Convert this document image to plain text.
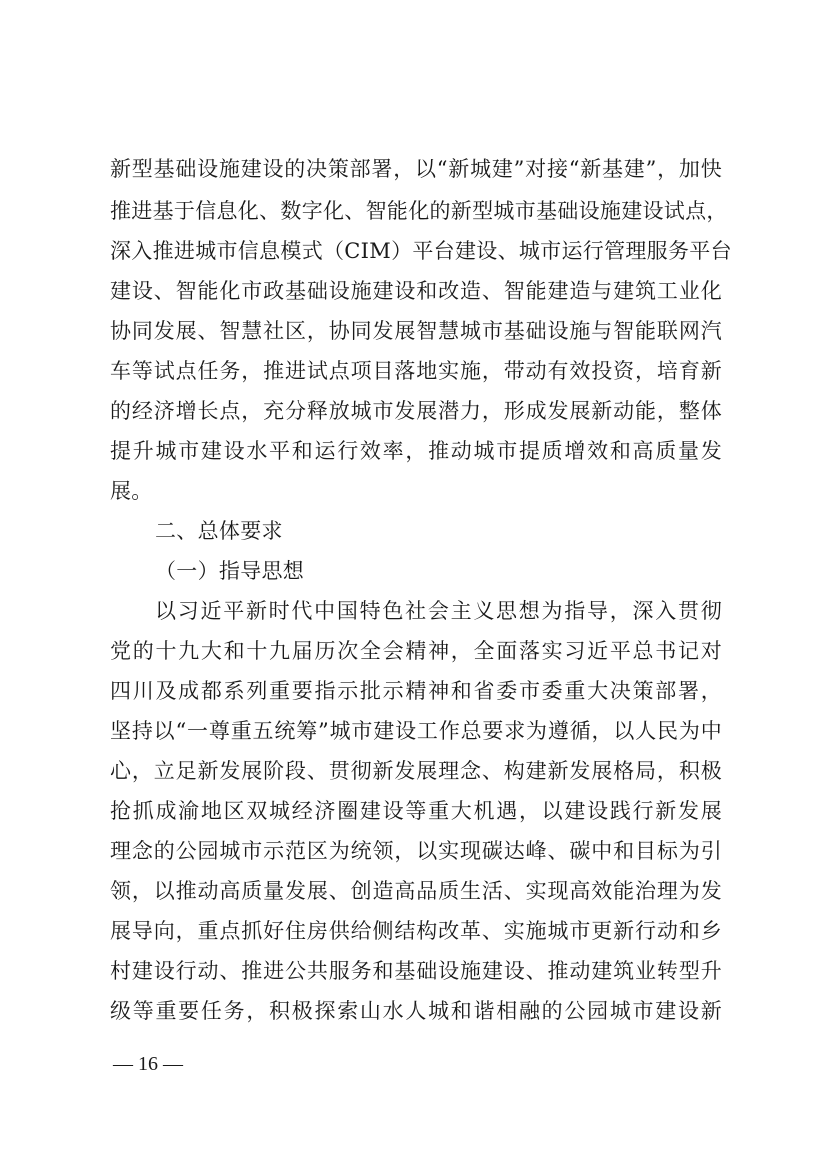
新型基础设施建设的决策部署，以“新城建”对接“新基建”，加快
推进基于信息化、数字化、智能化的新型城市基础设施建设试点，
深入推进城市信息模式（CIM）平台建设、城市运行管理服务平台
建设、智能化市政基础设施建设和改造、智能建造与建筑工业化
协同发展、智慧社区，协同发展智慧城市基础设施与智能联网汽
车等试点任务，推进试点项目落地实施，带动有效投资，培育新
的经济增长点，充分释放城市发展潜力，形成发展新动能，整体
提升城市建设水平和运行效率，推动城市提质增效和高质量发
展。
二、总体要求
（一）指导思想
以习近平新时代中国特色社会主义思想为指导，深入贯彻
党的十九大和十九届历次全会精神，全面落实习近平总书记对
四川及成都系列重要指示批示精神和省委市委重大决策部署，
坚持以“一尊重五统筹”城市建设工作总要求为遵循，以人民为中
心，立足新发展阶段、贯彻新发展理念、构建新发展格局，积极
抢抓成渝地区双城经济圈建设等重大机遇，以建设践行新发展
理念的公园城市示范区为统领，以实现碳达峰、碳中和目标为引
领，以推动高质量发展、创造高品质生活、实现高效能治理为发
展导向，重点抓好住房供给侧结构改革、实施城市更新行动和乡
村建设行动、推进公共服务和基础设施建设、推动建筑业转型升
级等重要任务，积极探索山水人城和谐相融的公园城市建设新
— 16 —
